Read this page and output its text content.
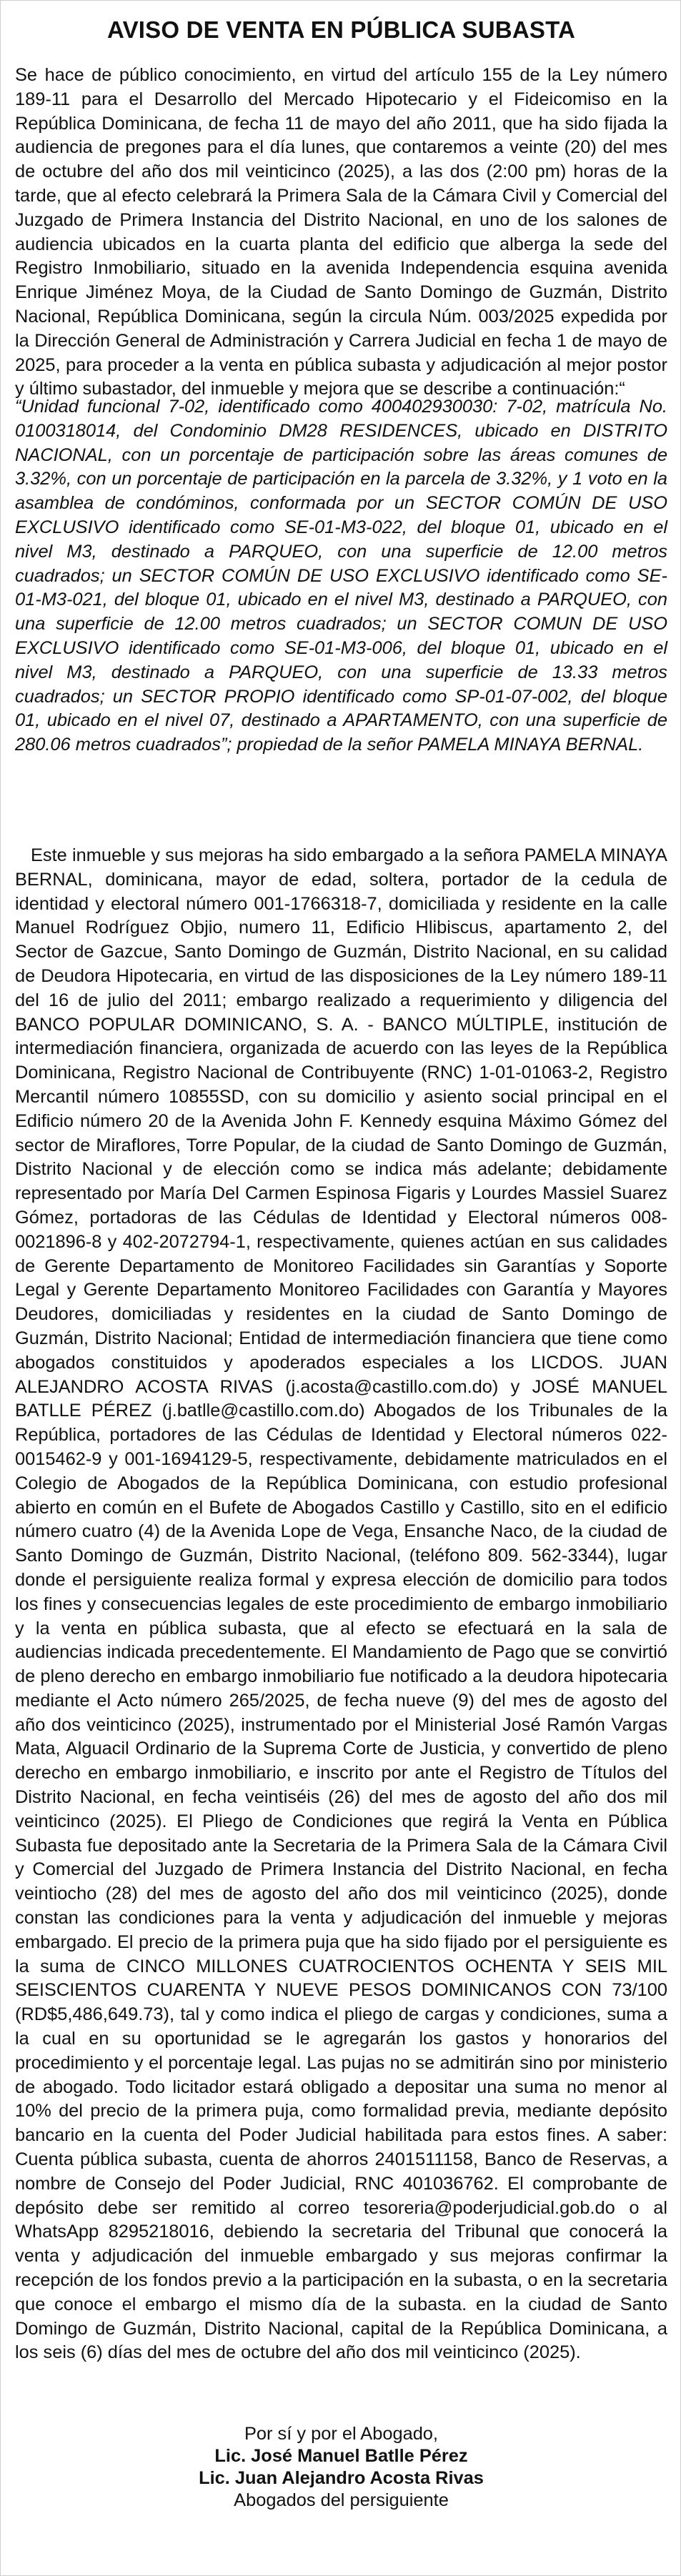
AVISO DE VENTA EN PÚBLICA SUBASTA

Se hace de público conocimiento, en virtud del artículo 155 de la Ley número 189-11 para el Desarrollo del Mercado Hipotecario y el Fideicomiso en la República Dominicana, de fecha 11 de mayo del año 2011, que ha sido fijada la audiencia de pregones para el día lunes, que contaremos a veinte (20) del mes de octubre del año dos mil veinticinco (2025), a las dos (2:00 pm) horas de la tarde, que al efecto celebrará la Primera Sala de la Cámara Civil y Comercial del Juzgado de Primera Instancia del Distrito Nacional, en uno de los salones de audiencia ubicados en la cuarta planta del edificio que alberga la sede del Registro Inmobiliario, situado en la avenida Independencia esquina avenida Enrique Jiménez Moya, de la Ciudad de Santo Domingo de Guzmán, Distrito Nacional, República Dominicana, según la circula Núm. 003/2025 expedida por la Dirección General de Administración y Carrera Judicial en fecha 1 de mayo de 2025, para proceder a la venta en pública subasta y adjudicación al mejor postor y último subastador, del inmueble y mejora que se describe a continuación:“

“Unidad funcional 7-02, identificado como 400402930030: 7-02, matrícula No. 0100318014, del Condominio DM28 RESIDENCES, ubicado en DISTRITO NACIONAL, con un porcentaje de participación sobre las áreas comunes de 3.32%, con un porcentaje de participación en la parcela de 3.32%, y 1 voto en la asamblea de condóminos, conformada por un SECTOR COMÚN DE USO EXCLUSIVO identificado como SE-01-M3-022, del bloque 01, ubicado en el nivel M3, destinado a PARQUEO, con una superficie de 12.00 metros cuadrados; un SECTOR COMÚN DE USO EXCLUSIVO identificado como SE-01-M3-021, del bloque 01, ubicado en el nivel M3, destinado a PARQUEO, con una superficie de 12.00 metros cuadrados; un SECTOR COMUN DE USO EXCLUSIVO identificado como SE-01-M3-006, del bloque 01, ubicado en el nivel M3, destinado a PARQUEO, con una superficie de 13.33 metros cuadrados; un SECTOR PROPIO identificado como SP-01-07-002, del bloque 01, ubicado en el nivel 07, destinado a APARTAMENTO, con una superficie de 280.06 metros cuadrados”; propiedad de la señor PAMELA MINAYA BERNAL.

Este inmueble y sus mejoras ha sido embargado a la señora PAMELA MINAYA BERNAL, dominicana, mayor de edad, soltera, portador de la cedula de identidad y electoral número 001-1766318-7, domiciliada y residente en la calle Manuel Rodríguez Objio, numero 11, Edificio Hlibiscus, apartamento 2, del Sector de Gazcue, Santo Domingo de Guzmán, Distrito Nacional, en su calidad de Deudora Hipotecaria, en virtud de las disposiciones de la Ley número 189-11 del 16 de julio del 2011; embargo realizado a requerimiento y diligencia del BANCO POPULAR DOMINICANO, S. A. - BANCO MÚLTIPLE, institución de intermediación financiera, organizada de acuerdo con las leyes de la República Dominicana, Registro Nacional de Contribuyente (RNC) 1-01-01063-2, Registro Mercantil número 10855SD, con su domicilio y asiento social principal en el Edificio número 20 de la Avenida John F. Kennedy esquina Máximo Gómez del sector de Miraflores, Torre Popular, de la ciudad de Santo Domingo de Guzmán, Distrito Nacional y de elección como se indica más adelante; debidamente representado por María Del Carmen Espinosa Figaris y Lourdes Massiel Suarez Gómez, portadoras de las Cédulas de Identidad y Electoral números 008-0021896-8 y 402-2072794-1, respectivamente, quienes actúan en sus calidades de Gerente Departamento de Monitoreo Facilidades sin Garantías y Soporte Legal y Gerente Departamento Monitoreo Facilidades con Garantía y Mayores Deudores, domiciliadas y residentes en la ciudad de Santo Domingo de Guzmán, Distrito Nacional; Entidad de intermediación financiera que tiene como abogados constituidos y apoderados especiales a los LICDOS. JUAN ALEJANDRO ACOSTA RIVAS (j.acosta@castillo.com.do) y JOSÉ MANUEL BATLLE PÉREZ (j.batlle@castillo.com.do) Abogados de los Tribunales de la República, portadores de las Cédulas de Identidad y Electoral números 022-0015462-9 y 001-1694129-5, respectivamente, debidamente matriculados en el Colegio de Abogados de la República Dominicana, con estudio profesional abierto en común en el Bufete de Abogados Castillo y Castillo, sito en el edificio número cuatro (4) de la Avenida Lope de Vega, Ensanche Naco, de la ciudad de Santo Domingo de Guzmán, Distrito Nacional, (teléfono 809. 562-3344), lugar donde el persiguiente realiza formal y expresa elección de domicilio para todos los fines y consecuencias legales de este procedimiento de embargo inmobiliario y la venta en pública subasta, que al efecto se efectuará en la sala de audiencias indicada precedentemente. El Mandamiento de Pago que se convirtió de pleno derecho en embargo inmobiliario fue notificado a la deudora hipotecaria mediante el Acto número 265/2025, de fecha nueve (9) del mes de agosto del año dos veinticinco (2025), instrumentado por el Ministerial José Ramón Vargas Mata, Alguacil Ordinario de la Suprema Corte de Justicia, y convertido de pleno derecho en embargo inmobiliario, e inscrito por ante el Registro de Títulos del Distrito Nacional, en fecha veintiséis (26) del mes de agosto del año dos mil veinticinco (2025). El Pliego de Condiciones que regirá la Venta en Pública Subasta fue depositado ante la Secretaria de la Primera Sala de la Cámara Civil y Comercial del Juzgado de Primera Instancia del Distrito Nacional, en fecha veintiocho (28) del mes de agosto del año dos mil veinticinco (2025), donde constan las condiciones para la venta y adjudicación del inmueble y mejoras embargado. El precio de la primera puja que ha sido fijado por el persiguiente es la suma de CINCO MILLONES CUATROCIENTOS OCHENTA Y SEIS MIL SEISCIENTOS CUARENTA Y NUEVE PESOS DOMINICANOS CON 73/100 (RD$5,486,649.73), tal y como indica el pliego de cargas y condiciones, suma a la cual en su oportunidad se le agregarán los gastos y honorarios del procedimiento y el porcentaje legal. Las pujas no se admitirán sino por ministerio de abogado. Todo licitador estará obligado a depositar una suma no menor al 10% del precio de la primera puja, como formalidad previa, mediante depósito bancario en la cuenta del Poder Judicial habilitada para estos fines. A saber: Cuenta pública subasta, cuenta de ahorros 2401511158, Banco de Reservas, a nombre de Consejo del Poder Judicial, RNC 401036762. El comprobante de depósito debe ser remitido al correo tesoreria@poderjudicial.gob.do o al WhatsApp 8295218016, debiendo la secretaria del Tribunal que conocerá la venta y adjudicación del inmueble embargado y sus mejoras confirmar la recepción de los fondos previo a la participación en la subasta, o en la secretaria que conoce el embargo el mismo día de la subasta. en la ciudad de Santo Domingo de Guzmán, Distrito Nacional, capital de la República Dominicana, a los seis (6) días del mes de octubre del año dos mil veinticinco (2025).

Por sí y por el Abogado,
Lic. José Manuel Batlle Pérez
Lic. Juan Alejandro Acosta Rivas
Abogados del persiguiente
